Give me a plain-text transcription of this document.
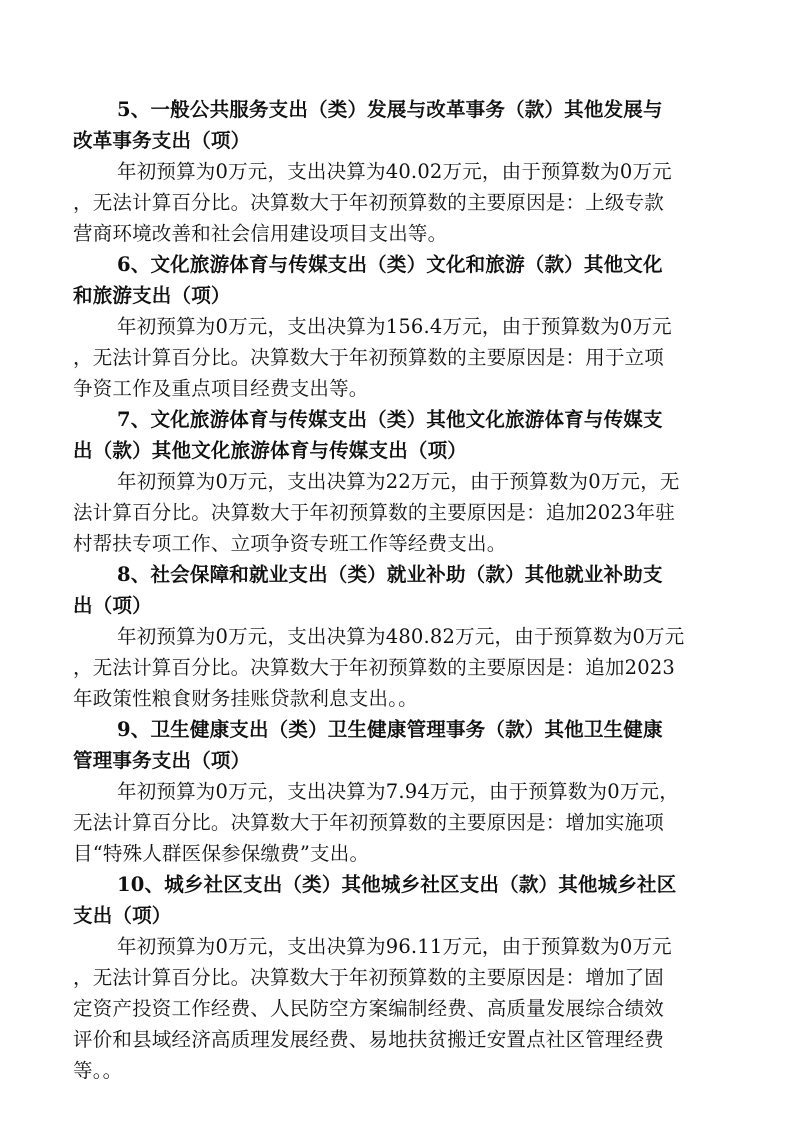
5、一般公共服务支出（类）发展与改革事务（款）其他发展与
改革事务支出（项）
年初预算为0万元，支出决算为40.02万元，由于预算数为0万元
，无法计算百分比。决算数大于年初预算数的主要原因是：上级专款
营商环境改善和社会信用建设项目支出等。
6、文化旅游体育与传媒支出（类）文化和旅游（款）其他文化
和旅游支出（项）
年初预算为0万元，支出决算为156.4万元，由于预算数为0万元
，无法计算百分比。决算数大于年初预算数的主要原因是：用于立项
争资工作及重点项目经费支出等。
7、文化旅游体育与传媒支出（类）其他文化旅游体育与传媒支
出（款）其他文化旅游体育与传媒支出（项）
年初预算为0万元，支出决算为22万元，由于预算数为0万元，无
法计算百分比。决算数大于年初预算数的主要原因是：追加2023年驻
村帮扶专项工作、立项争资专班工作等经费支出。
8、社会保障和就业支出（类）就业补助（款）其他就业补助支
出（项）
年初预算为0万元，支出决算为480.82万元，由于预算数为0万元
，无法计算百分比。决算数大于年初预算数的主要原因是：追加2023
年政策性粮食财务挂账贷款利息支出。。
9、卫生健康支出（类）卫生健康管理事务（款）其他卫生健康
管理事务支出（项）
年初预算为0万元，支出决算为7.94万元，由于预算数为0万元，
无法计算百分比。决算数大于年初预算数的主要原因是：增加实施项
目“特殊人群医保参保缴费”支出。
10、城乡社区支出（类）其他城乡社区支出（款）其他城乡社区
支出（项）
年初预算为0万元，支出决算为96.11万元，由于预算数为0万元
，无法计算百分比。决算数大于年初预算数的主要原因是：增加了固
定资产投资工作经费、人民防空方案编制经费、高质量发展综合绩效
评价和县域经济高质理发展经费、易地扶贫搬迁安置点社区管理经费
等。。
